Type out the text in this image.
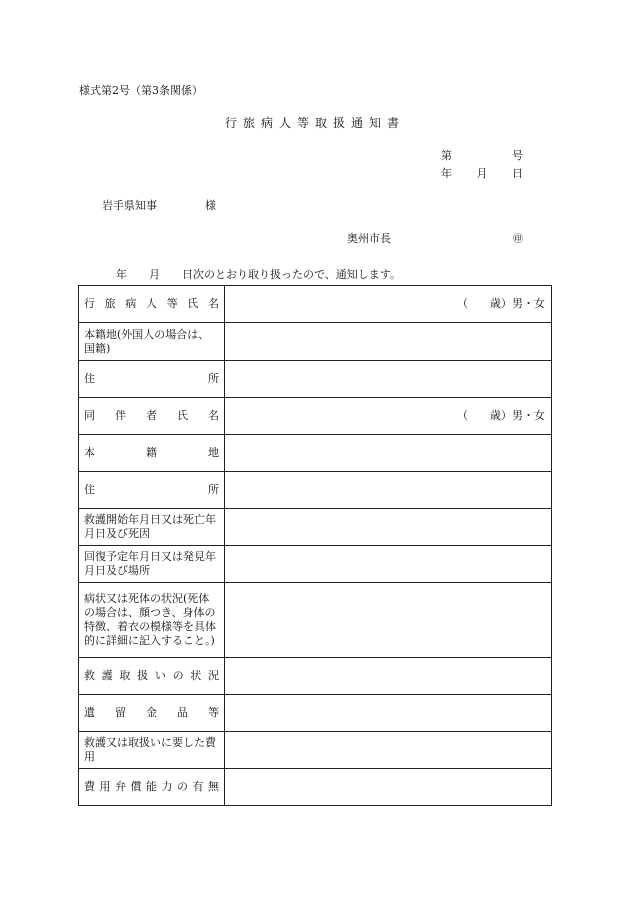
様式第2号（第3条関係）
行旅病人等取扱通知書
第	号
年 月 日
岩手県知事	様
奥州市長	㊞
年 月 日次のとおり取り扱ったので、通知します。
行旅病人等氏名	（　　歳）男・女

本籍地(外国人の場合は、国籍)	
住所	
同伴者氏名	（　　歳）男・女

本籍地	
住所	
救護開始年月日又は死亡年月日及び死因	
回復予定年月日又は発見年月日及び場所	
病状又は死体の状況(死体の場合は、顔つき、身体の特徴、着衣の模様等を具体的に詳細に記入すること。)	
救護取扱いの状況	
遺留金品等	
救護又は取扱いに要した費用	
費用弁償能力の有無	
